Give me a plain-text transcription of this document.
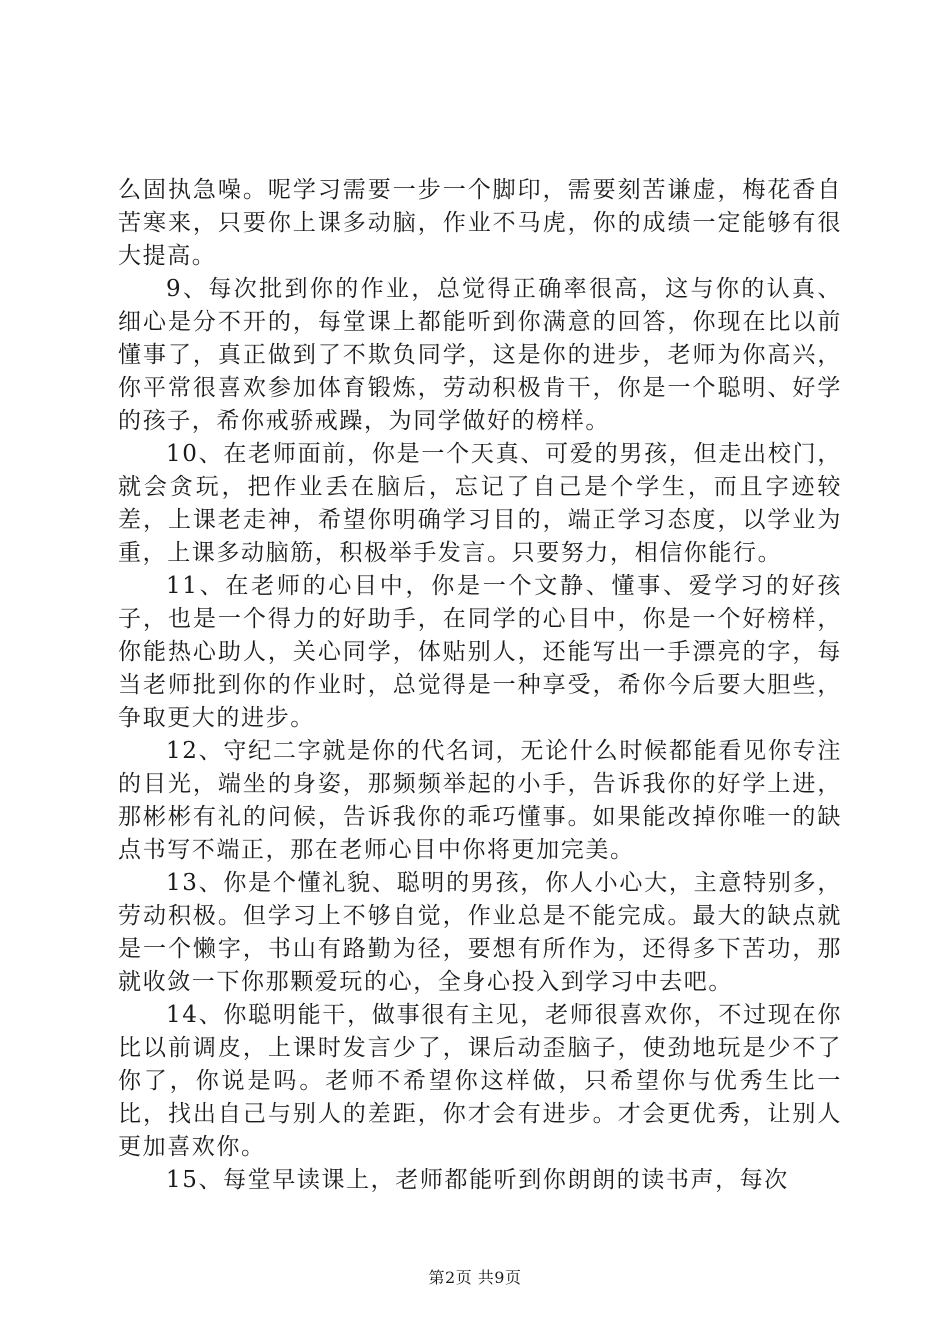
么固执急噪。呢学习需要一步一个脚印，需要刻苦谦虚，梅花香自苦寒来，只要你上课多动脑，作业不马虎，你的成绩一定能够有很大提高。

9、每次批到你的作业，总觉得正确率很高，这与你的认真、细心是分不开的，每堂课上都能听到你满意的回答，你现在比以前懂事了，真正做到了不欺负同学，这是你的进步，老师为你高兴，你平常很喜欢参加体育锻炼，劳动积极肯干，你是一个聪明、好学的孩子，希你戒骄戒躁，为同学做好的榜样。

10、在老师面前，你是一个天真、可爱的男孩，但走出校门，就会贪玩，把作业丢在脑后，忘记了自己是个学生，而且字迹较差，上课老走神，希望你明确学习目的，端正学习态度，以学业为重，上课多动脑筋，积极举手发言。只要努力，相信你能行。

11、在老师的心目中，你是一个文静、懂事、爱学习的好孩子，也是一个得力的好助手，在同学的心目中，你是一个好榜样，你能热心助人，关心同学，体贴别人，还能写出一手漂亮的字，每当老师批到你的作业时，总觉得是一种享受，希你今后要大胆些，争取更大的进步。

12、守纪二字就是你的代名词，无论什么时候都能看见你专注的目光，端坐的身姿，那频频举起的小手，告诉我你的好学上进，那彬彬有礼的问候，告诉我你的乖巧懂事。如果能改掉你唯一的缺点书写不端正，那在老师心目中你将更加完美。

13、你是个懂礼貌、聪明的男孩，你人小心大，主意特别多，劳动积极。但学习上不够自觉，作业总是不能完成。最大的缺点就是一个懒字，书山有路勤为径，要想有所作为，还得多下苦功，那就收敛一下你那颗爱玩的心，全身心投入到学习中去吧。

14、你聪明能干，做事很有主见，老师很喜欢你，不过现在你比以前调皮，上课时发言少了，课后动歪脑子，使劲地玩是少不了你了，你说是吗。老师不希望你这样做，只希望你与优秀生比一比，找出自己与别人的差距，你才会有进步。才会更优秀，让别人更加喜欢你。

15、每堂早读课上，老师都能听到你朗朗的读书声，每次

第2页 共9页
